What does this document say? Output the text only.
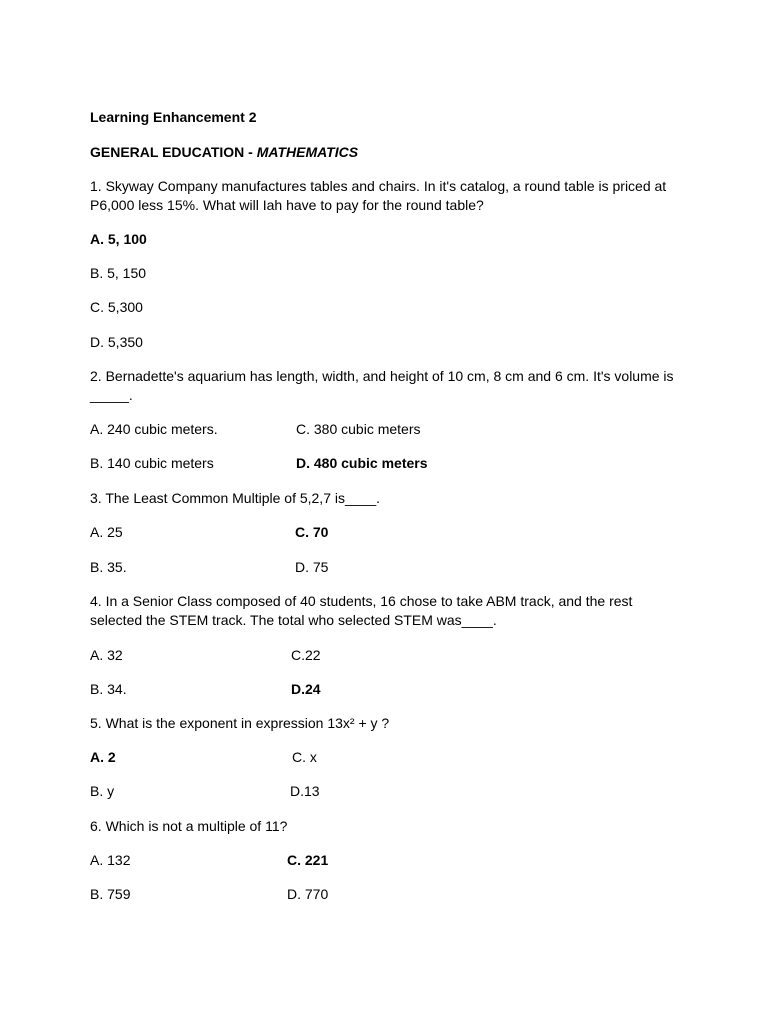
Learning Enhancement 2
GENERAL EDUCATION - MATHEMATICS
1. Skyway Company manufactures tables and chairs. In it's catalog, a round table is priced at P6,000 less 15%. What will Iah have to pay for the round table?
A. 5, 100
B. 5, 150
C. 5,300
D. 5,350
2. Bernadette's aquarium has length, width, and height of 10 cm, 8 cm and 6 cm. It's volume is _____.
A. 240 cubic meters.	C. 380 cubic meters
B. 140 cubic meters	D. 480 cubic meters
3. The Least Common Multiple of 5,2,7 is____.
A. 25	C. 70
B. 35.	D. 75
4. In a Senior Class composed of 40 students, 16 chose to take ABM track, and the rest selected the STEM track. The total who selected STEM was____.
A. 32	C.22
B. 34.	D.24
5. What is the exponent in expression 13x² + y ?
A. 2	C. x
B. y	D.13
6. Which is not a multiple of 11?
A. 132	C. 221
B. 759	D. 770
